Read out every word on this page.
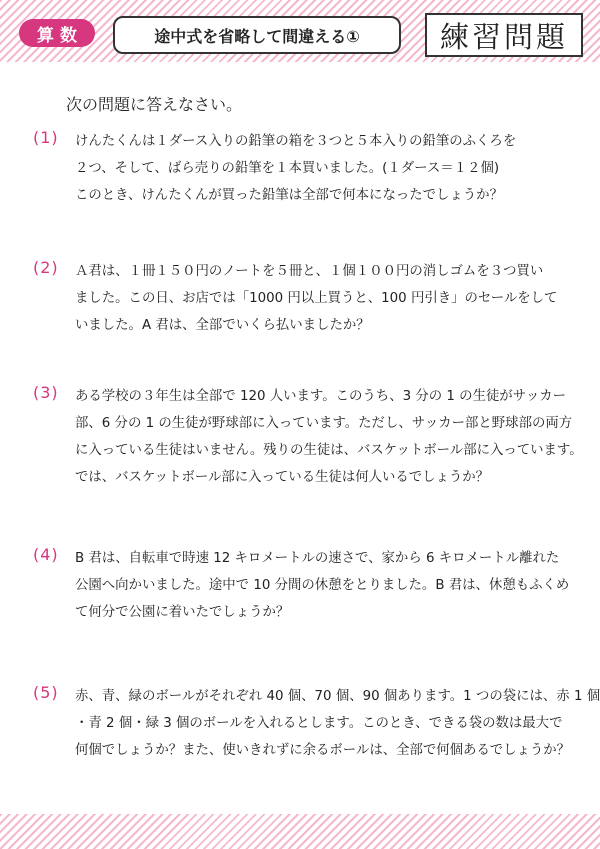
算数	途中式を省略して間違える①	練習問題
次の問題に答えなさい。
(1) けんたくんは１ダース入りの鉛筆の箱を３つと５本入りの鉛筆のふくろを
２つ、そして、ばら売りの鉛筆を１本買いました。(１ダース＝１２個)
このとき、けんたくんが買った鉛筆は全部で何本になったでしょうか？
(2) Ａ君は、１冊１５０円のノートを５冊と、１個１００円の消しゴムを３つ買い
ました。この日、お店では「1000 円以上買うと、100 円引き」のセールをして
いました。A 君は、全部でいくら払いましたか？
(3) ある学校の３年生は全部で 120 人います。このうち、3 分の 1 の生徒がサッカー
部、6 分の 1 の生徒が野球部に入っています。ただし、サッカー部と野球部の両方
に入っている生徒はいません。残りの生徒は、バスケットボール部に入っています。
では、バスケットボール部に入っている生徒は何人いるでしょうか？
(4) B 君は、自転車で時速 12 キロメートルの速さで、家から 6 キロメートル離れた
公園へ向かいました。途中で 10 分間の休憩をとりました。B 君は、休憩もふくめ
て何分で公園に着いたでしょうか？
(5) 赤、青、緑のボールがそれぞれ 40 個、70 個、90 個あります。1 つの袋には、赤 1 個
・青 2 個・緑 3 個のボールを入れるとします。このとき、できる袋の数は最大で
何個でしょうか？また、使いきれずに余るボールは、全部で何個あるでしょうか？
